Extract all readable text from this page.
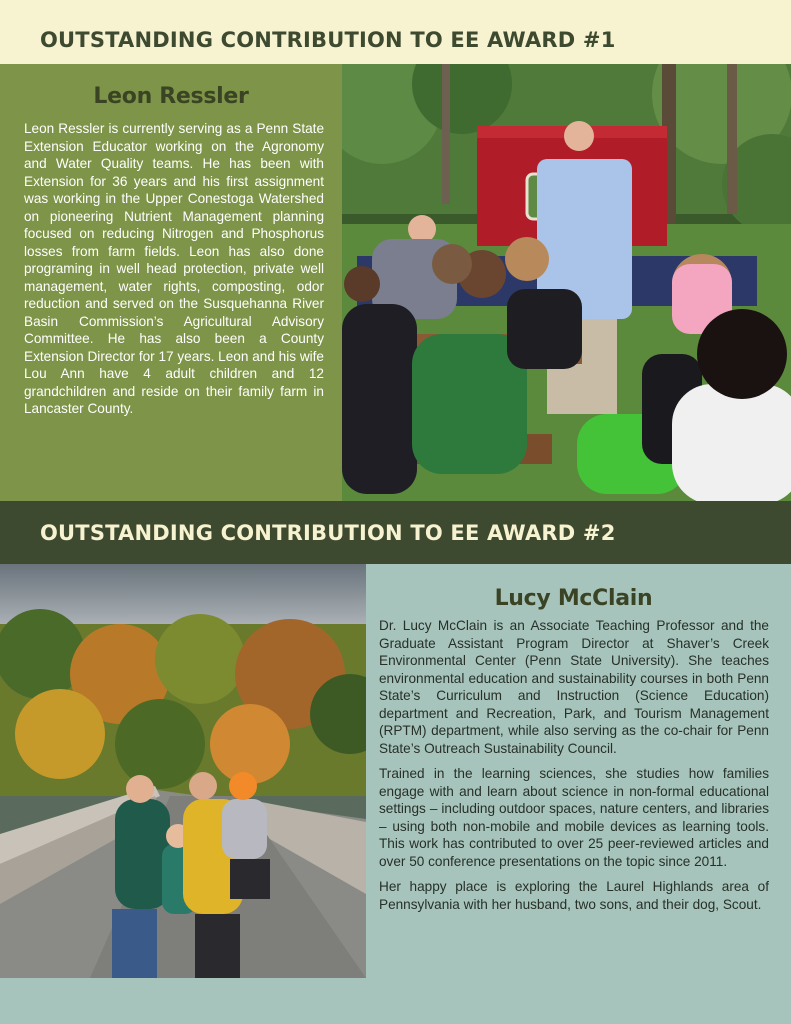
OUTSTANDING CONTRIBUTION TO EE AWARD #1
Leon Ressler

Leon Ressler is currently serving as a Penn State Extension Educator working on the Agronomy and Water Quality teams. He has been with Extension for 36 years and his first assignment was working in the Upper Conestoga Watershed on pioneering Nutrient Management planning focused on reducing Nitrogen and Phosphorus losses from farm fields. Leon has also done programing in well head protection, private well management, water rights, composting, odor reduction and served on the Susquehanna River Basin Commission’s Agricultural Advisory Committee. He has also been a County Extension Director for 17 years. Leon and his wife Lou Ann have 4 adult children and 12 grandchildren and reside on their family farm in Lancaster County.

OUTSTANDING CONTRIBUTION TO EE AWARD #2
Lucy McClain

Dr. Lucy McClain is an Associate Teaching Professor and the Graduate Assistant Program Director at Shaver’s Creek Environmental Center (Penn State University). She teaches environmental education and sustainability courses in both Penn State’s Curriculum and Instruction (Science Education) department and Recreation, Park, and Tourism Management (RPTM) department, while also serving as the co-chair for Penn State’s Outreach Sustainability Council.

Trained in the learning sciences, she studies how families engage with and learn about science in non-formal educational settings – including outdoor spaces, nature centers, and libraries – using both non-mobile and mobile devices as learning tools. This work has contributed to over 25 peer-reviewed articles and over 50 conference presentations on the topic since 2011.

Her happy place is exploring the Laurel Highlands area of Pennsylvania with her husband, two sons, and their dog, Scout.
